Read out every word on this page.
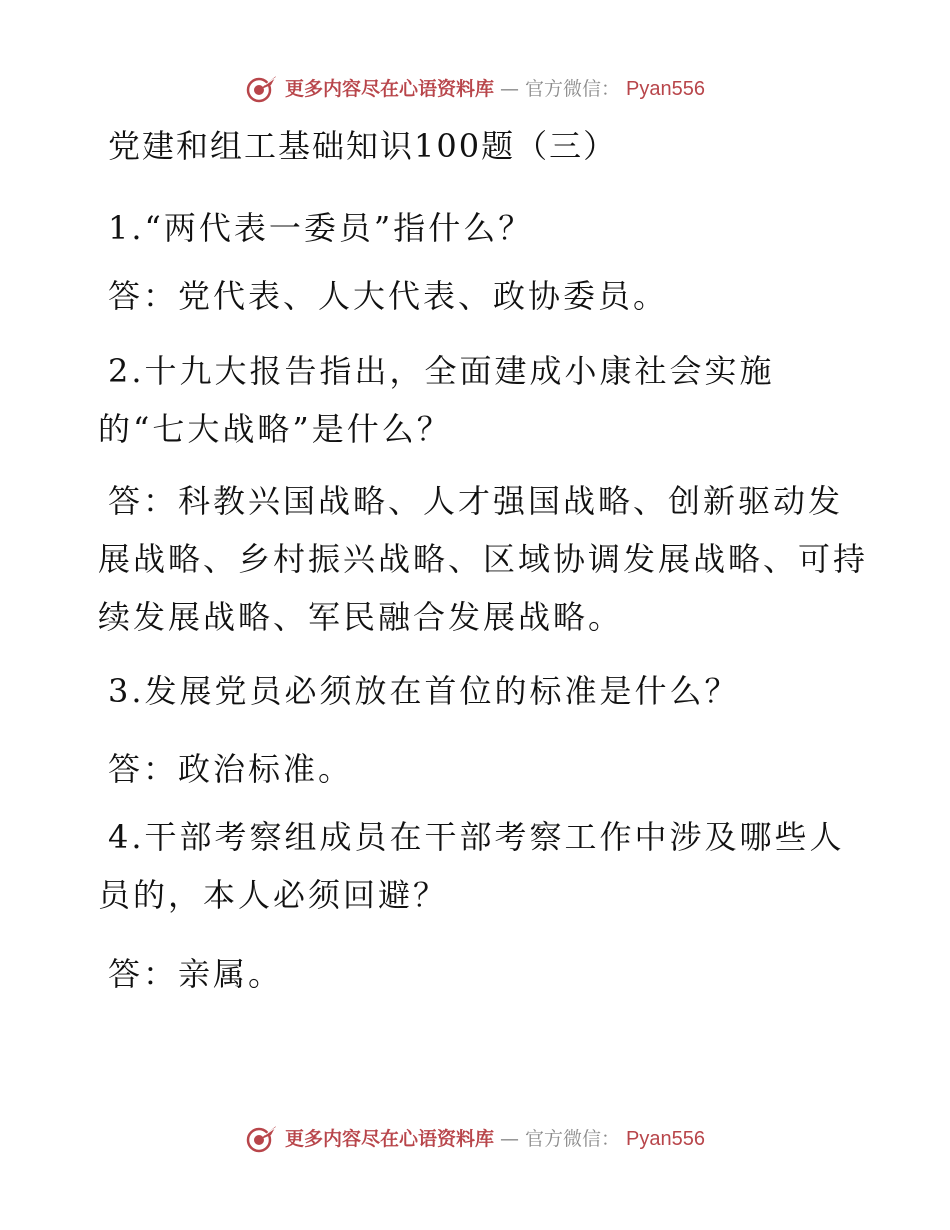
更多内容尽在心语资料库 — 官方微信： Pyan556
党建和组工基础知识100题（三）
1.“两代表一委员”指什么？
答：党代表、人大代表、政协委员。
2.十九大报告指出，全面建成小康社会实施
的“七大战略”是什么？
答：科教兴国战略、人才强国战略、创新驱动发
展战略、乡村振兴战略、区域协调发展战略、可持
续发展战略、军民融合发展战略。
3.发展党员必须放在首位的标准是什么？
答：政治标准。
4.干部考察组成员在干部考察工作中涉及哪些人
员的，本人必须回避？
答：亲属。
更多内容尽在心语资料库 — 官方微信： Pyan556
